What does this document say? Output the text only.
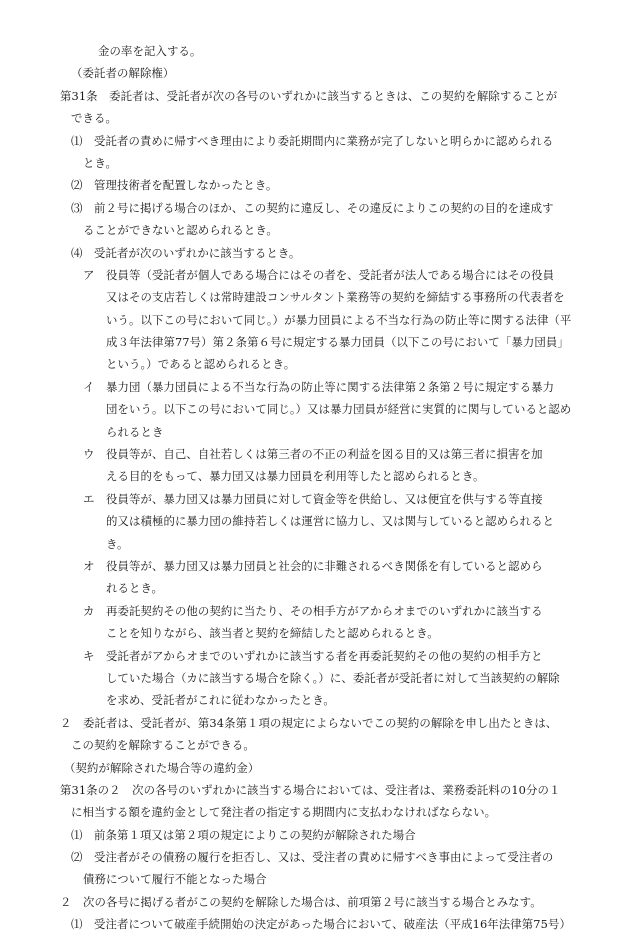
金の率を記入する。
（委託者の解除権）
第31条　委託者は、受託者が次の各号のいずれかに該当するときは、この契約を解除することが
できる。
⑴　受託者の責めに帰すべき理由により委託期間内に業務が完了しないと明らかに認められる
とき。
⑵　管理技術者を配置しなかったとき。
⑶　前２号に掲げる場合のほか、この契約に違反し、その違反によりこの契約の目的を達成す
ることができないと認められるとき。
⑷　受託者が次のいずれかに該当するとき。
ア　役員等（受託者が個人である場合にはその者を、受託者が法人である場合にはその役員
又はその支店若しくは常時建設コンサルタント業務等の契約を締結する事務所の代表者を
いう。以下この号において同じ。）が暴力団員による不当な行為の防止等に関する法律（平
成３年法律第77号）第２条第６号に規定する暴力団員（以下この号において「暴力団員」
という。）であると認められるとき。
イ　暴力団（暴力団員による不当な行為の防止等に関する法律第２条第２号に規定する暴力
団をいう。以下この号において同じ。）又は暴力団員が経営に実質的に関与していると認め
られるとき
ウ　役員等が、自己、自社若しくは第三者の不正の利益を図る目的又は第三者に損害を加
える目的をもって、暴力団又は暴力団員を利用等したと認められるとき。
エ　役員等が、暴力団又は暴力団員に対して資金等を供給し、又は便宜を供与する等直接
的又は積極的に暴力団の維持若しくは運営に協力し、又は関与していると認められると
き。
オ　役員等が、暴力団又は暴力団員と社会的に非難されるべき関係を有していると認めら
れるとき。
カ　再委託契約その他の契約に当たり、その相手方がアからオまでのいずれかに該当する
ことを知りながら、該当者と契約を締結したと認められるとき。
キ　受託者がアからオまでのいずれかに該当する者を再委託契約その他の契約の相手方と
していた場合（カに該当する場合を除く。）に、委託者が受託者に対して当該契約の解除
を求め、受託者がこれに従わなかったとき。
２　委託者は、受託者が、第34条第１項の規定によらないでこの契約の解除を申し出たときは、
この契約を解除することができる。
（契約が解除された場合等の違約金）
第31条の２　次の各号のいずれかに該当する場合においては、受注者は、業務委託料の10分の１
に相当する額を違約金として発注者の指定する期間内に支払わなければならない。
⑴　前条第１項又は第２項の規定によりこの契約が解除された場合
⑵　受注者がその債務の履行を拒否し、又は、受注者の責めに帰すべき事由によって受注者の
債務について履行不能となった場合
２　次の各号に掲げる者がこの契約を解除した場合は、前項第２号に該当する場合とみなす。
⑴　受注者について破産手続開始の決定があった場合において、破産法（平成16年法律第75号）
